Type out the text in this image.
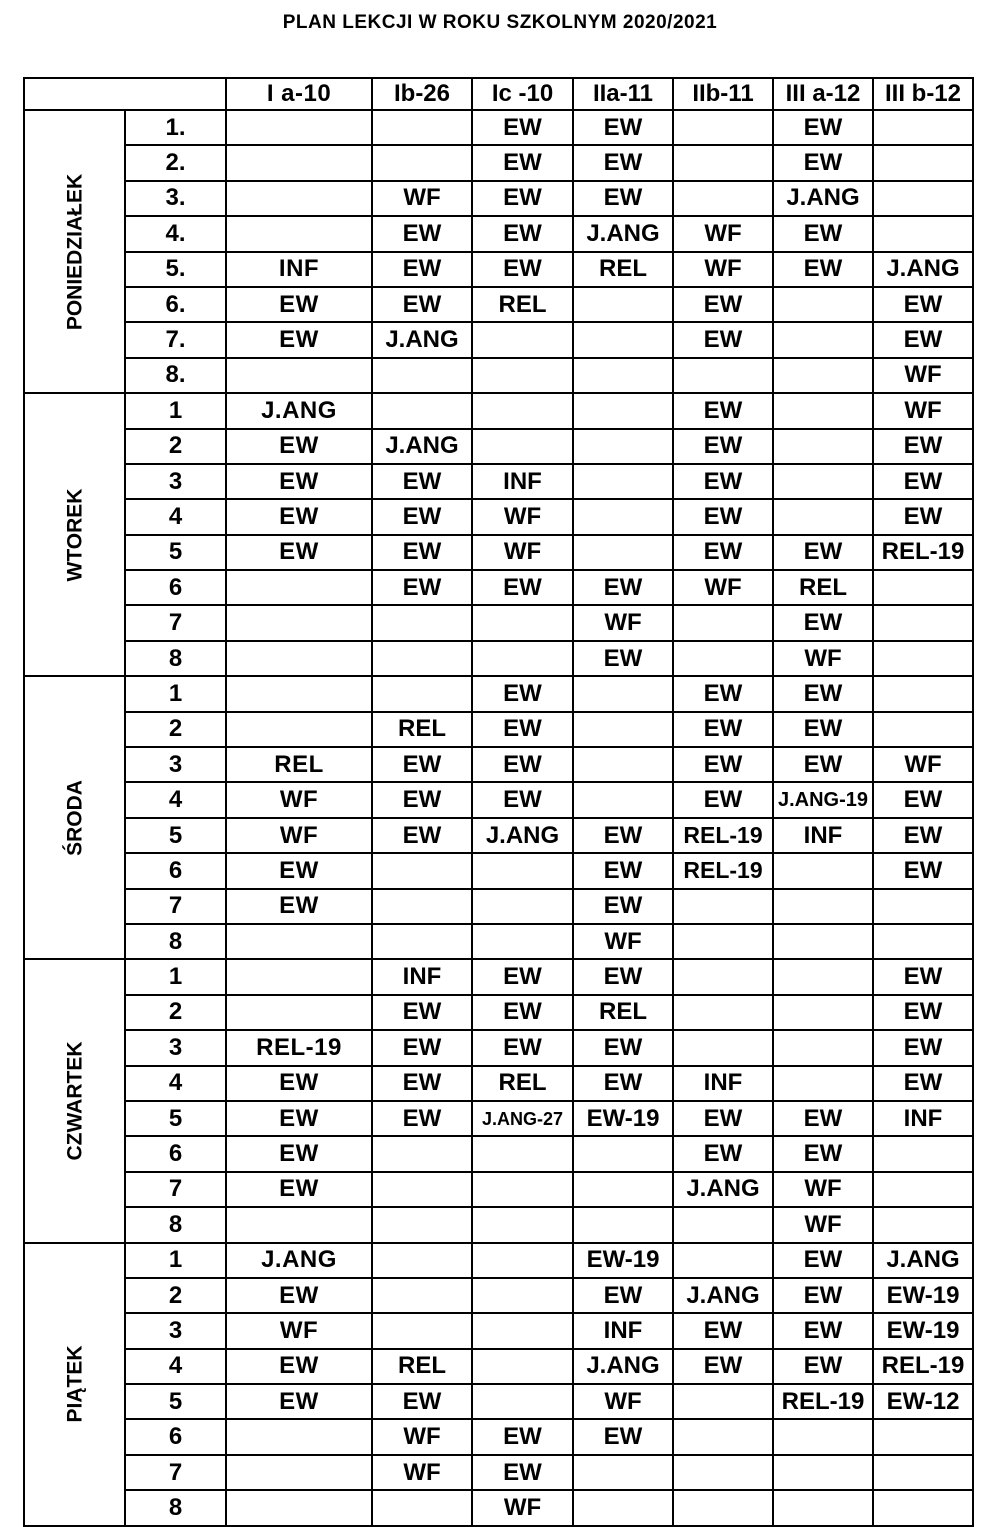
PLAN LEKCJI W ROKU SZKOLNYM 2020/2021
		I a-10	Ib-26	Ic -10	IIa-11	IIb-11	III a-12	III b-12

PONIEDZIAŁEK	1.			EW	EW		EW	
	2.			EW	EW		EW	
	3.		WF	EW	EW		J.ANG	
	4.		EW	EW	J.ANG	WF	EW	
	5.	INF	EW	EW	REL	WF	EW	J.ANG
	6.	EW	EW	REL		EW		EW
	7.	EW	J.ANG			EW		EW
	8.							WF

WTOREK	1	J.ANG				EW		WF
	2	EW	J.ANG			EW		EW
	3	EW	EW	INF		EW		EW
	4	EW	EW	WF		EW		EW
	5	EW	EW	WF		EW	EW	REL-19
	6		EW	EW	EW	WF	REL	
	7				WF		EW	
	8				EW		WF	

ŚRODA	1			EW		EW	EW	
	2		REL	EW		EW	EW	
	3	REL	EW	EW		EW	EW	WF
	4	WF	EW	EW		EW	J.ANG-19	EW
	5	WF	EW	J.ANG	EW	REL-19	INF	EW
	6	EW			EW	REL-19		EW
	7	EW			EW			
	8				WF			

CZWARTEK	1		INF	EW	EW			EW
	2		EW	EW	REL			EW
	3	REL-19	EW	EW	EW			EW
	4	EW	EW	REL	EW	INF		EW
	5	EW	EW	J.ANG-27	EW-19	EW	EW	INF
	6	EW				EW	EW	
	7	EW				J.ANG	WF	
	8						WF	

PIĄTEK	1	J.ANG			EW-19		EW	J.ANG
	2	EW			EW	J.ANG	EW	EW-19
	3	WF			INF	EW	EW	EW-19
	4	EW	REL		J.ANG	EW	EW	REL-19
	5	EW	EW		WF		REL-19	EW-12
	6		WF	EW	EW			
	7		WF	EW				
	8			WF				
